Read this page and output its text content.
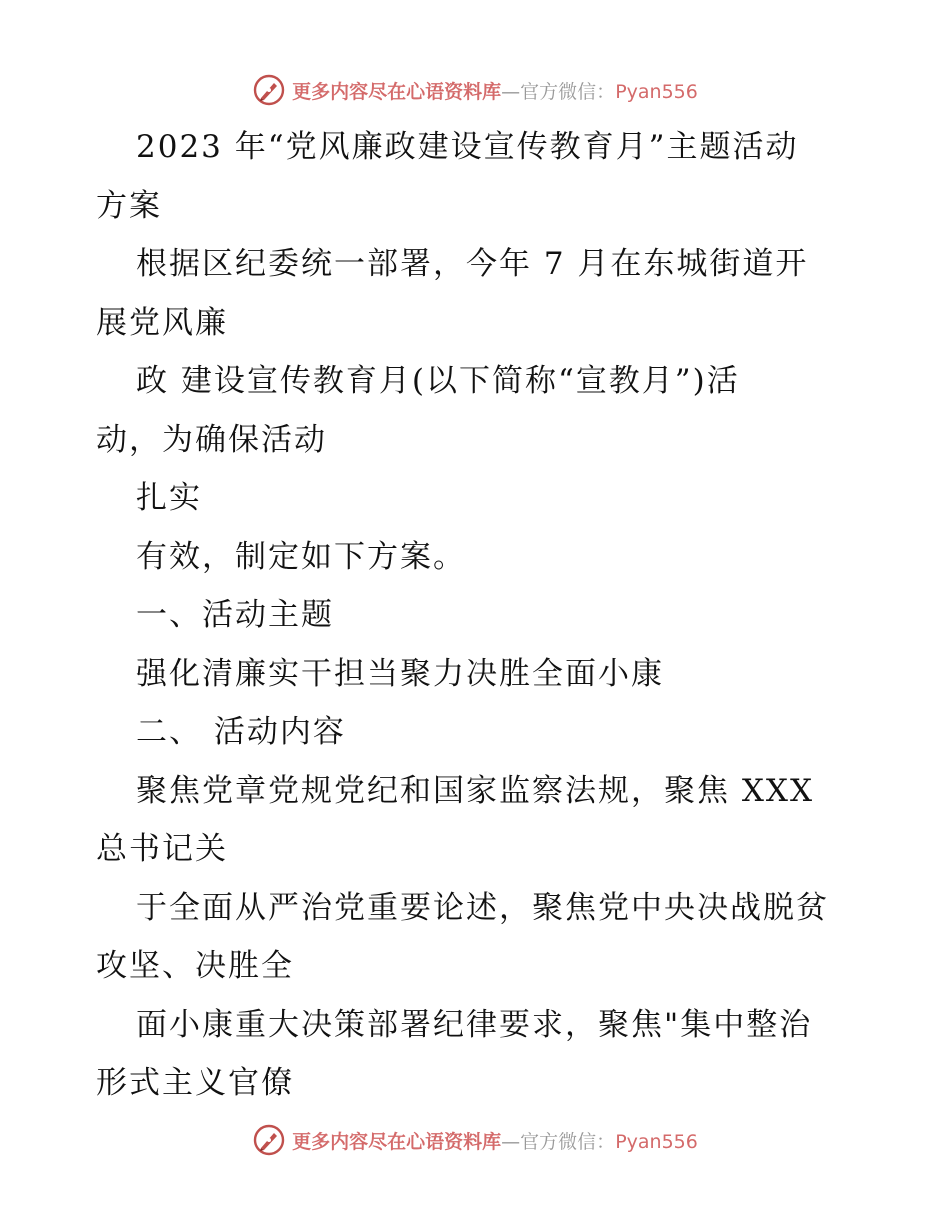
更多内容尽在心语资料库—官方微信：Pyan556
2023 年“党风廉政建设宣传教育月”主题活动
方案
根据区纪委统一部署，今年 7 月在东城街道开
展党风廉
政 建设宣传教育月(以下简称“宣教月”)活
动，为确保活动
扎实
有效，制定如下方案。
一、活动主题
强化清廉实干担当聚力决胜全面小康
二、 活动内容
聚焦党章党规党纪和国家监察法规，聚焦 XXX
总书记关
于全面从严治党重要论述，聚焦党中央决战脱贫
攻坚、决胜全
面小康重大决策部署纪律要求，聚焦"集中整治
形式主义官僚
更多内容尽在心语资料库—官方微信：Pyan556
